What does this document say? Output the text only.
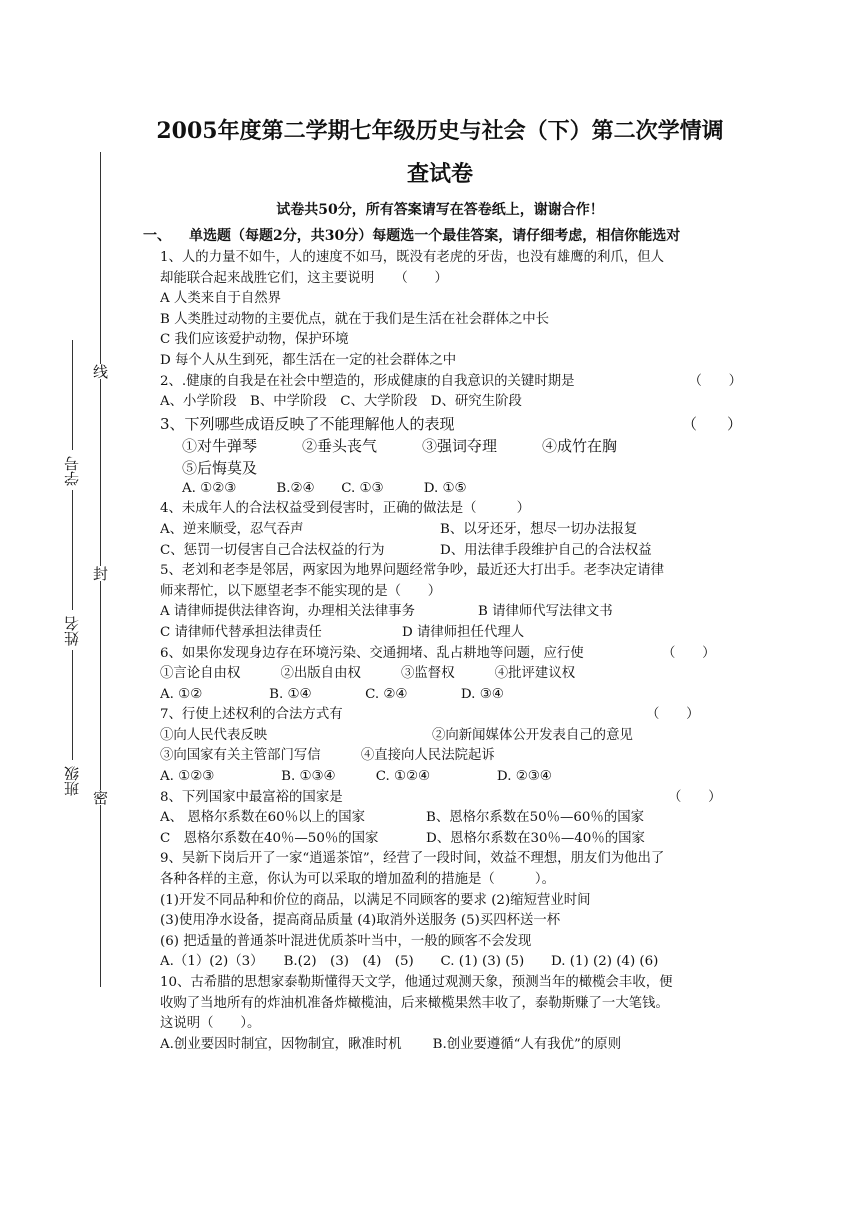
线
封
密
学号
姓名
班级
2005年度第二学期七年级历史与社会（下）第二次学情调
查试卷
试卷共50分，所有答案请写在答卷纸上，谢谢合作！
一、 单选题（每题2分，共30分）每题选一个最佳答案，请仔细考虑，相信你能选对
1、人的力量不如牛，人的速度不如马，既没有老虎的牙齿，也没有雄鹰的利爪，但人
却能联合起来战胜它们，这主要说明　　（　　）
A 人类来自于自然界
B 人类胜过动物的主要优点，就在于我们是生活在社会群体之中长
C 我们应该爱护动物，保护环境
D 每个人从生到死，都生活在一定的社会群体之中
2、.健康的自我是在社会中塑造的，形成健康的自我意识的关键时期是	（　　）
A、小学阶段　B、中学阶段　C、大学阶段　D、研究生阶段
3、下列哪些成语反映了不能理解他人的表现	（　　）
①对牛弹琴　　　②垂头丧气　　　③强词夺理　　　④成竹在胸
⑤后悔莫及
A. ①②③　　　B.②④　　C. ①③　　　D. ①⑤
4、未成年人的合法权益受到侵害时，正确的做法是（　　　）
A、逆来顺受，忍气吞声	B、以牙还牙，想尽一切办法报复
C、惩罚一切侵害自己合法权益的行为	D、用法律手段维护自己的合法权益
5、老刘和老李是邻居，两家因为地界问题经常争吵，最近还大打出手。老李决定请律
师来帮忙，以下愿望老李不能实现的是（　　）
A 请律师提供法律咨询，办理相关法律事务	B 请律师代写法律文书
C 请律师代替承担法律责任	D 请律师担任代理人
6、如果你发现身边存在环境污染、交通拥堵、乱占耕地等问题，应行使	（　　）
①言论自由权　　　②出版自由权　　　③监督权　　　④批评建议权
A. ①②　　　　　B. ①④　　　　C. ②④　　　　D. ③④
7、行使上述权利的合法方式有	（　　）
①向人民代表反映	②向新闻媒体公开发表自己的意见
③向国家有关主管部门写信　　　④直接向人民法院起诉
A. ①②③　　　　　B. ①③④　　　C. ①②④　　　　　D. ②③④
8、下列国家中最富裕的国家是	（　　）
A、 恩格尔系数在60％以上的国家	B、恩格尔系数在50％—60％的国家
C　恩格尔系数在40％—50％的国家	D、恩格尔系数在30％—40％的国家
9、吴新下岗后开了一家“逍遥茶馆”，经营了一段时间，效益不理想，朋友们为他出了
各种各样的主意，你认为可以采取的增加盈利的措施是（　　　）。
(1)开发不同品种和价位的商品，以满足不同顾客的要求 (2)缩短营业时间
(3)使用净水设备，提高商品质量 (4)取消外送服务 (5)买四杯送一杯
(6) 把适量的普通茶叶混进优质茶叶当中，一般的顾客不会发现
A.（1）(2)（3）　　B.(2)　(3)　(4)　(5)　　C. (1) (3) (5)　　D. (1) (2) (4) (6)
10、古希腊的思想家泰勒斯懂得天文学，他通过观测天象，预测当年的橄榄会丰收，便
收购了当地所有的炸油机准备炸橄榄油，后来橄榄果然丰收了，泰勒斯赚了一大笔钱。
这说明（　　）。
A.创业要因时制宜，因物制宜，瞅准时机　　 B.创业要遵循“人有我优”的原则
